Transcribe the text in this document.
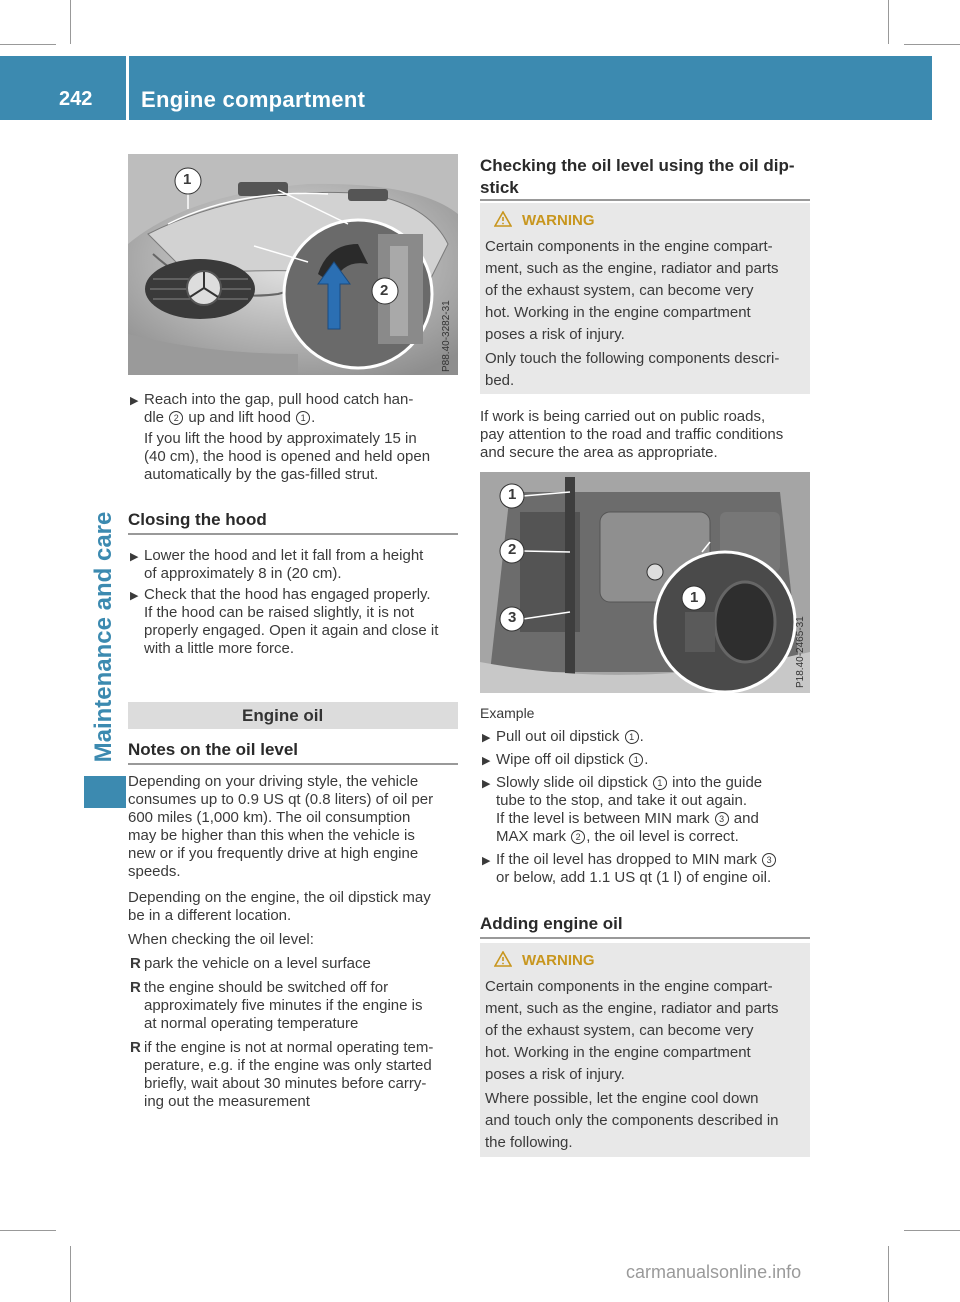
242 Engine compartment
Maintenance and care
1
2
P88.40-3282-31
▶ Reach into the gap, pull hood catch han-
dle 2 up and lift hood 1 .
If you lift the hood by approximately 15 in
(40 cm), the hood is opened and held open
automatically by the gas-filled strut.
Closing the hood
▶ Lower the hood and let it fall from a height
of approximately 8 in (20 cm).
▶ Check that the hood has engaged properly.
If the hood can be raised slightly, it is not
properly engaged. Open it again and close it
with a little more force.
Engine oil
Notes on the oil level
Depending on your driving style, the vehicle
consumes up to 0.9 US qt (0.8 liters) of oil per
600 miles (1,000 km). The oil consumption
may be higher than this when the vehicle is
new or if you frequently drive at high engine
speeds.
Depending on the engine, the oil dipstick may
be in a different location.
When checking the oil level:
R park the vehicle on a level surface
R the engine should be switched off for
approximately five minutes if the engine is
at normal operating temperature
R if the engine is not at normal operating tem-
perature, e.g. if the engine was only started
briefly, wait about 30 minutes before carry-
ing out the measurement
Checking the oil level using the oil dip-
stick
WARNING
Certain components in the engine compart-
ment, such as the engine, radiator and parts
of the exhaust system, can become very
hot. Working in the engine compartment
poses a risk of injury.
Only touch the following components descri-
bed.
If work is being carried out on public roads,
pay attention to the road and traffic conditions
and secure the area as appropriate.
1
2
3
1
P18.40-2465-31
Example
▶ Pull out oil dipstick 1 .
▶ Wipe off oil dipstick 1 .
▶ Slowly slide oil dipstick 1 into the guide
tube to the stop, and take it out again.
If the level is between MIN mark 3 and
MAX mark 2 , the oil level is correct.
▶ If the oil level has dropped to MIN mark 3
or below, add 1.1 US qt (1 l) of engine oil.
Adding engine oil
WARNING
Certain components in the engine compart-
ment, such as the engine, radiator and parts
of the exhaust system, can become very
hot. Working in the engine compartment
poses a risk of injury.
Where possible, let the engine cool down
and touch only the components described in
the following.
carmanualsonline.info
